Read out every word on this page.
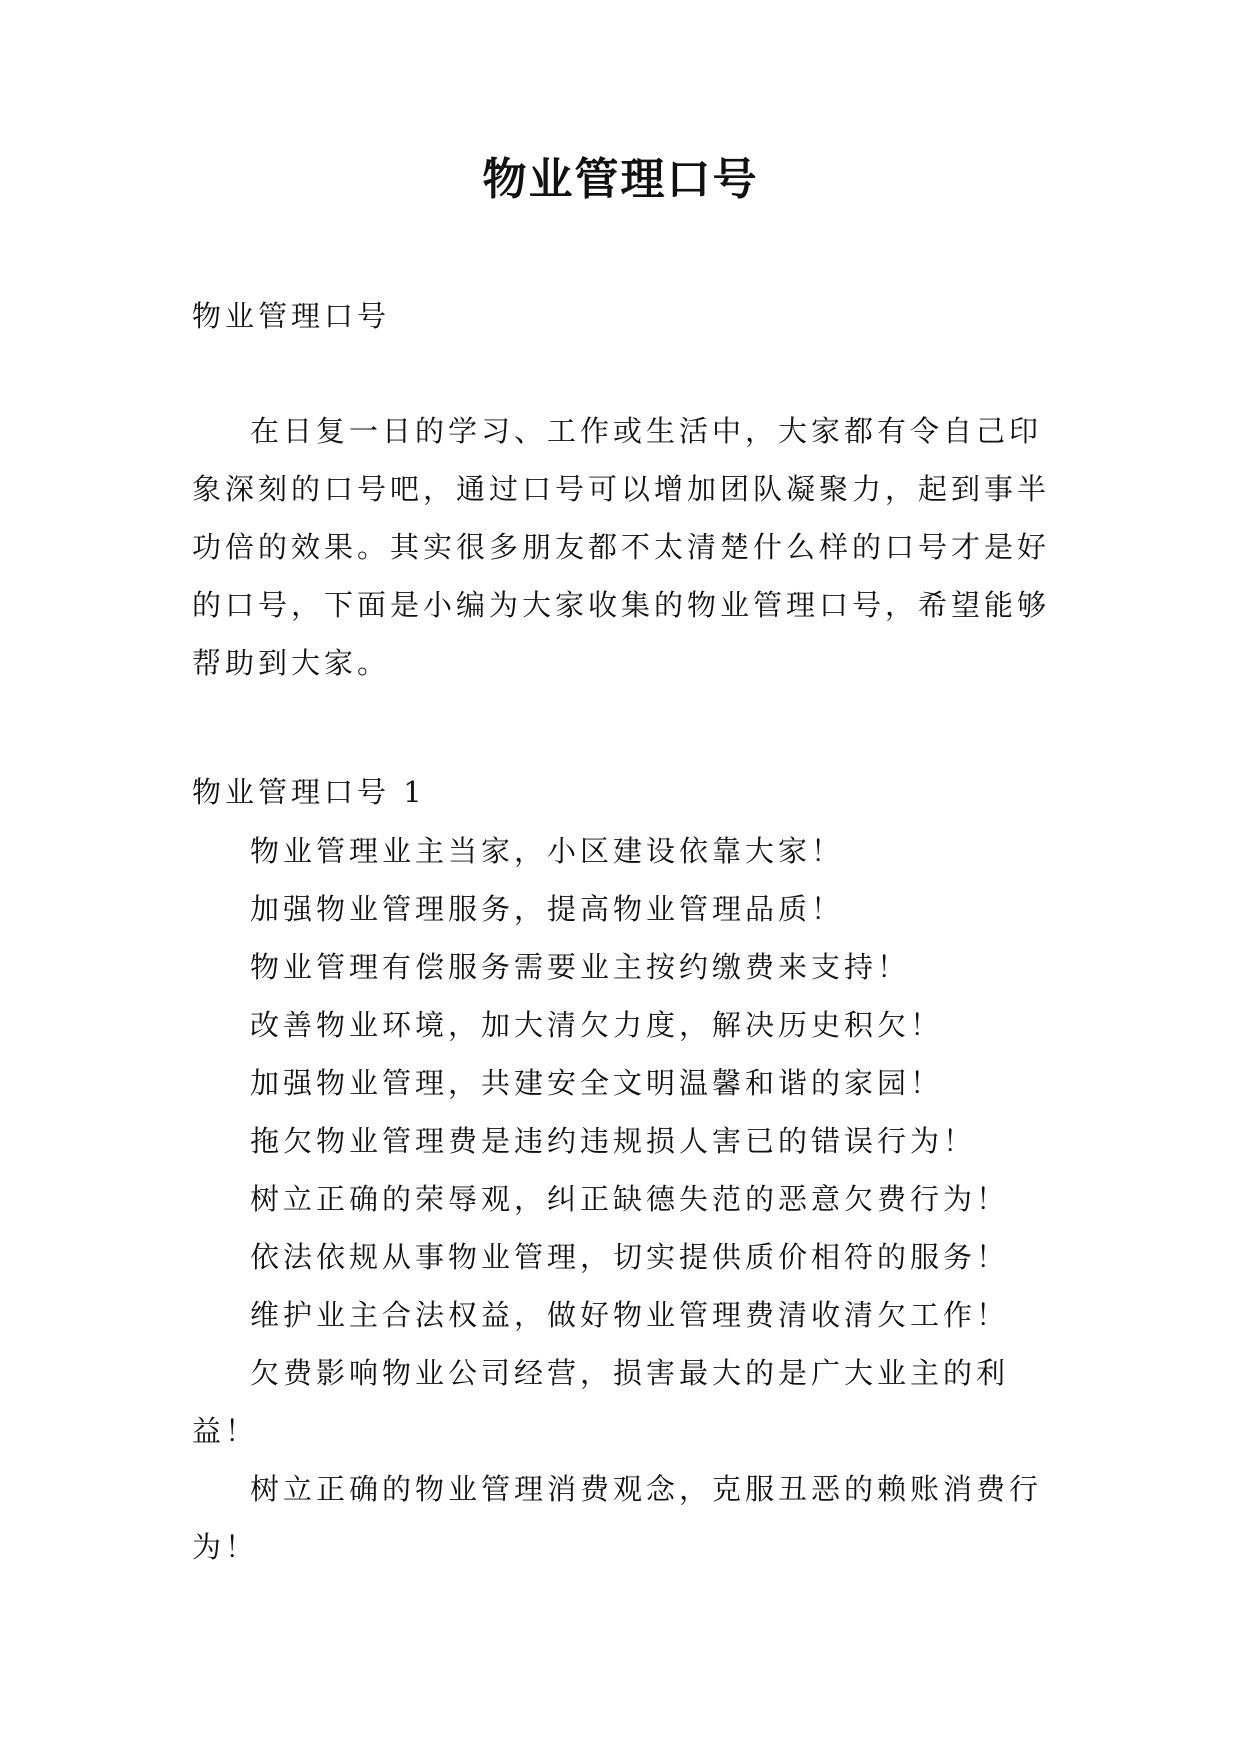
物业管理口号
物业管理口号
在日复一日的学习、工作或生活中，大家都有令自己印象深刻的口号吧，通过口号可以增加团队凝聚力，起到事半功倍的效果。其实很多朋友都不太清楚什么样的口号才是好的口号，下面是小编为大家收集的物业管理口号，希望能够帮助到大家。
物业管理口号 1
物业管理业主当家，小区建设依靠大家！
加强物业管理服务，提高物业管理品质！
物业管理有偿服务需要业主按约缴费来支持！
改善物业环境，加大清欠力度，解决历史积欠！
加强物业管理，共建安全文明温馨和谐的家园！
拖欠物业管理费是违约违规损人害已的错误行为！
树立正确的荣辱观，纠正缺德失范的恶意欠费行为！
依法依规从事物业管理，切实提供质价相符的服务！
维护业主合法权益，做好物业管理费清收清欠工作！
欠费影响物业公司经营，损害最大的是广大业主的利益！
树立正确的物业管理消费观念，克服丑恶的赖账消费行为！
